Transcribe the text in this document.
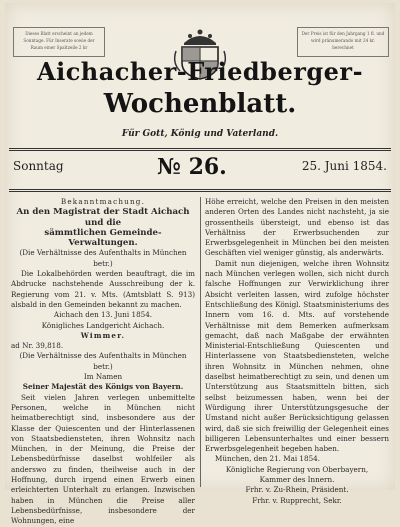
Dieses Blatt erscheint an jedem Sonntage. Für Inserate sowie der Raum einer Spaltzeile 2 kr
Der Preis ist für den Jahrgang 1 fl. und wird pränumerando mit 24 kr. berechnet
Aichacher-Friedberger-
Wochenblatt.
Für Gott, König und Vaterland.
Sonntag	№ 26.	25. Juni 1854.

Bekanntmachung.

An den Magistrat der Stadt Aichach und die

sämmtlichen Gemeinde-Verwaltungen.

(Die Verhältnisse des Aufenthalts in München betr.)

Die Lokalbehörden werden beauftragt, die im Abdrucke nachstehende Ausschreibung der k. Regierung vom 21. v. Mts. (Amtsblatt S. 913) alsbald in den Gemeinden bekannt zu machen.

Aichach den 13. Juni 1854.

Königliches Landgericht Aichach.

Wimmer.

ad Nr. 39,818.

(Die Verhältnisse des Aufenthalts in München betr.)

Im Namen

Seiner Majestät des Königs von Bayern.

Seit vielen Jahren verlegen unbemittelte Personen, welche in München nicht heimatberechtigt sind, insbesondere aus der Klasse der Quiescenten und der Hinterlassenen von Staatsbediensteten, ihren Wohnsitz nach München, in der Meinung, die Preise der Lebensbedürfnisse daselbst wohlfeiler als anderswo zu finden, theilweise auch in der Hoffnung, durch irgend einen Erwerb einen erleichterten Unterhalt zu erlangen. Inzwischen haben in München die Preise aller Lebensbedürfnisse, insbesondere der Wohnungen, eine

Höhe erreicht, welche den Preisen in den meisten anderen Orten des Landes nicht nachsteht, ja sie grossentheils übersteigt, und ebenso ist das Verhältniss der Erwerbsuchenden zur Erwerbsgelegenheit in München bei den meisten Geschäften viel weniger günstig, als anderwärts.

Damit nun diejenigen, welche ihren Wohnsitz nach München verlegen wollen, sich nicht durch falsche Hoffnungen zur Verwirklichung ihrer Absicht verleiten lassen, wird zufolge höchster Entschließung des Königl. Staatsministeriums des Innern vom 16. d. Mts. auf vorstehende Verhältnisse mit dem Bemerken aufmerksam gemacht, daß nach Maßgabe der erwähnten Ministerial-Entschließung Quiescenten und Hinterlassene von Staatsbediensteten, welche ihren Wohnsitz in München nehmen, ohne daselbst heimatberechtigt zu sein, und denen um Unterstützung aus Staatsmitteln bitten, sich selbst beizumessen haben, wenn bei der Würdigung ihrer Unterstützungsgesuche der Umstand nicht außer Berücksichtigung gelassen wird, daß sie sich freiwillig der Gelegenheit eines billigeren Lebensunterhaltes und einer bessern Erwerbsgelegenheit begeben haben.

München, den 21. Mai 1854.

Königliche Regierung von Oberbayern,

Kammer des Innern.

Frhr. v. Zu-Rhein, Präsident.

Frhr. v. Rupprecht, Sekr.
